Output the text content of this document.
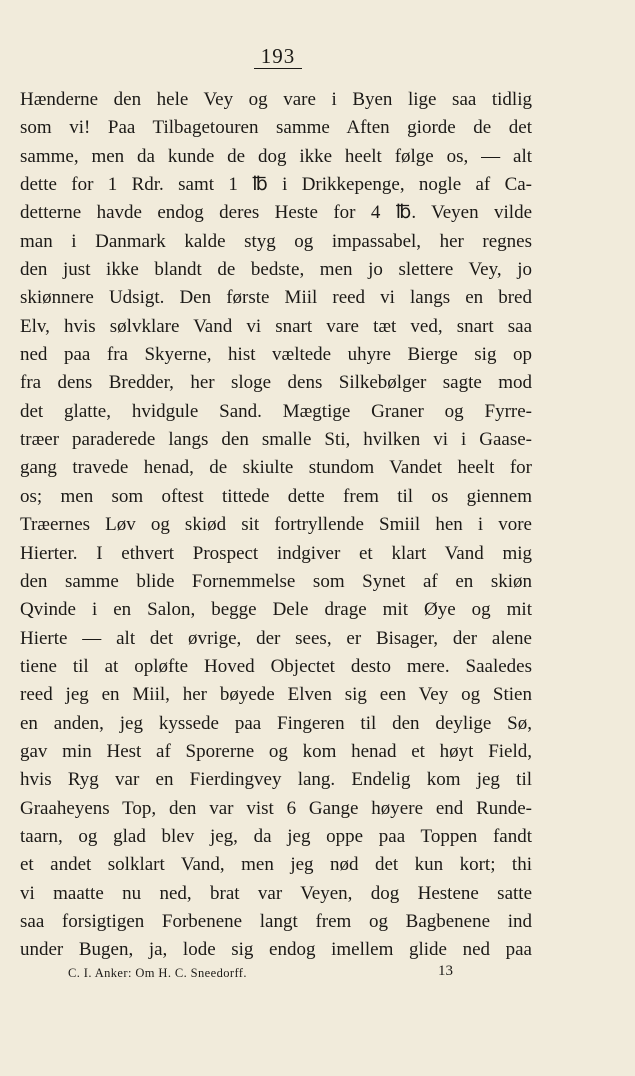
193
Hænderne den hele Vey og vare i Byen lige saa tidlig
som vi! Paa Tilbagetouren samme Aften giorde de det
samme, men da kunde de dog ikke heelt følge os, — alt
dette for 1 Rdr. samt 1 ℔ i Drikkepenge, nogle af Ca-
detterne havde endog deres Heste for 4 ℔. Veyen vilde
man i Danmark kalde styg og impassabel, her regnes
den just ikke blandt de bedste, men jo slettere Vey, jo
skiønnere Udsigt. Den første Miil reed vi langs en bred
Elv, hvis sølvklare Vand vi snart vare tæt ved, snart saa
ned paa fra Skyerne, hist væltede uhyre Bierge sig op
fra dens Bredder, her sloge dens Silkebølger sagte mod
det glatte, hvidgule Sand. Mægtige Graner og Fyrre-
træer paraderede langs den smalle Sti, hvilken vi i Gaase-
gang travede henad, de skiulte stundom Vandet heelt for
os; men som oftest tittede dette frem til os giennem
Træernes Løv og skiød sit fortryllende Smiil hen i vore
Hierter. I ethvert Prospect indgiver et klart Vand mig
den samme blide Fornemmelse som Synet af en skiøn
Qvinde i en Salon, begge Dele drage mit Øye og mit
Hierte — alt det øvrige, der sees, er Bisager, der alene
tiene til at opløfte Hoved Objectet desto mere. Saaledes
reed jeg en Miil, her bøyede Elven sig een Vey og Stien
en anden, jeg kyssede paa Fingeren til den deylige Sø,
gav min Hest af Sporerne og kom henad et høyt Field,
hvis Ryg var en Fierdingvey lang. Endelig kom jeg til
Graaheyens Top, den var vist 6 Gange høyere end Runde-
taarn, og glad blev jeg, da jeg oppe paa Toppen fandt
et andet solklart Vand, men jeg nød det kun kort; thi
vi maatte nu ned, brat var Veyen, dog Hestene satte
saa forsigtigen Forbenene langt frem og Bagbenene ind
under Bugen, ja, lode sig endog imellem glide ned paa
C. I. Anker: Om H. C. Sneedorff.	13
